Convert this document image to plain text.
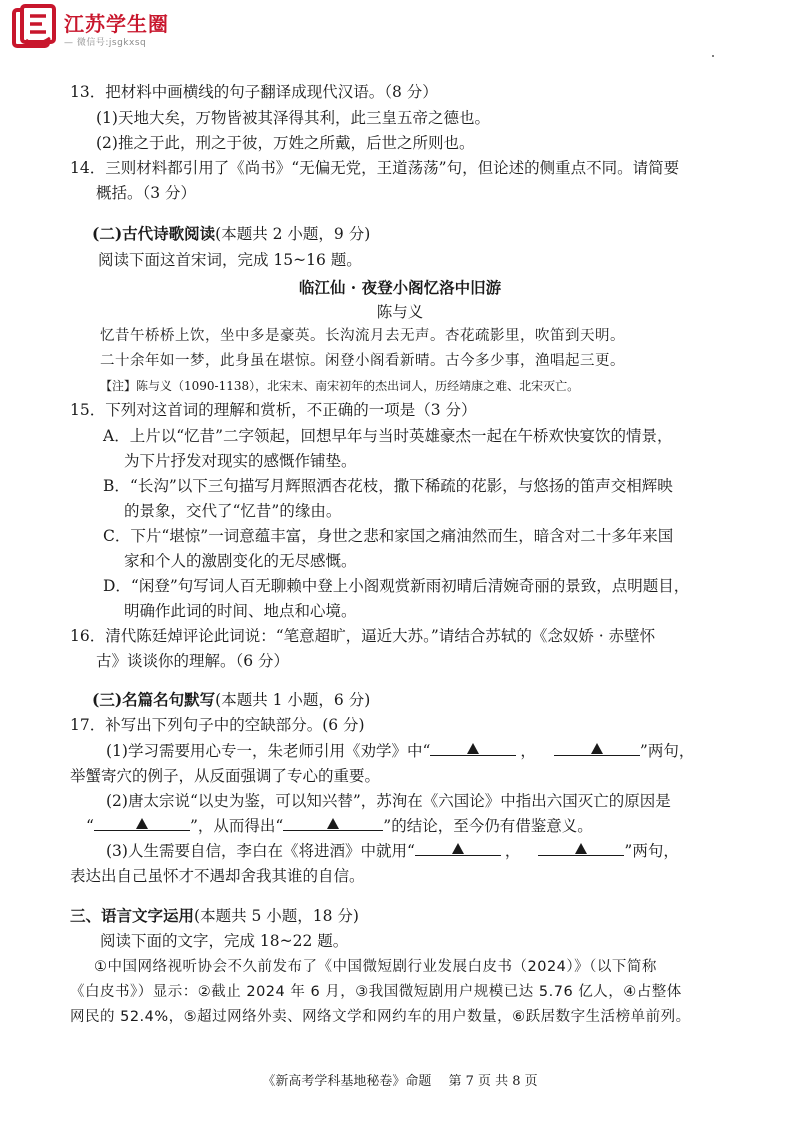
江苏学生圈
— 微信号:jsgkxsq
13．把材料中画横线的句子翻译成现代汉语。（8 分）
(1)天地大矣，万物皆被其泽得其利，此三皇五帝之德也。
(2)推之于此，刑之于彼，万姓之所戴，后世之所则也。
14．三则材料都引用了《尚书》“无偏无党，王道荡荡”句，但论述的侧重点不同。请简要
概括。（3 分）
(二)古代诗歌阅读(本题共 2 小题，9 分)
阅读下面这首宋词，完成 15~16 题。
临江仙 · 夜登小阁忆洛中旧游
陈与义
忆昔午桥桥上饮，坐中多是豪英。长沟流月去无声。杏花疏影里，吹笛到天明。
二十余年如一梦，此身虽在堪惊。闲登小阁看新晴。古今多少事，渔唱起三更。
【注】陈与义（1090-1138），北宋末、南宋初年的杰出词人，历经靖康之难、北宋灭亡。
15．下列对这首词的理解和赏析，不正确的一项是（3 分）
A．上片以“忆昔”二字领起，回想早年与当时英雄豪杰一起在午桥欢快宴饮的情景，
为下片抒发对现实的感慨作铺垫。
B．“长沟”以下三句描写月辉照洒杏花枝，撒下稀疏的花影，与悠扬的笛声交相辉映
的景象，交代了“忆昔”的缘由。
C．下片“堪惊”一词意蕴丰富，身世之悲和家国之痛油然而生，暗含对二十多年来国
家和个人的激剧变化的无尽感慨。
D．“闲登”句写词人百无聊赖中登上小阁观赏新雨初晴后清婉奇丽的景致，点明题目，
明确作此词的时间、地点和心境。
16．清代陈廷焯评论此词说：“笔意超旷，逼近大苏。”请结合苏轼的《念奴娇 · 赤壁怀
古》谈谈你的理解。（6 分）
(三)名篇名句默写(本题共 1 小题，6 分)
17．补写出下列句子中的空缺部分。(6 分)
(1)学习需要用心专一，朱老师引用《劝学》中“	，	”两句，
举蟹寄穴的例子，从反面强调了专心的重要。
(2)唐太宗说“以史为鉴，可以知兴替”，苏洵在《六国论》中指出六国灭亡的原因是
“	”，从而得出“	”的结论，至今仍有借鉴意义。
(3)人生需要自信，李白在《将进酒》中就用“	，	”两句，
表达出自己虽怀才不遇却舍我其谁的自信。
三、语言文字运用(本题共 5 小题，18 分)
阅读下面的文字，完成 18~22 题。
①中国网络视听协会不久前发布了《中国微短剧行业发展白皮书（2024）》（以下简称
《白皮书》）显示：②截止 2024 年 6 月，③我国微短剧用户规模已达 5.76 亿人，④占整体
网民的 52.4%，⑤超过网络外卖、网络文学和网约车的用户数量，⑥跃居数字生活榜单前列。
《新高考学科基地秘卷》命题　 第 7 页 共 8 页
